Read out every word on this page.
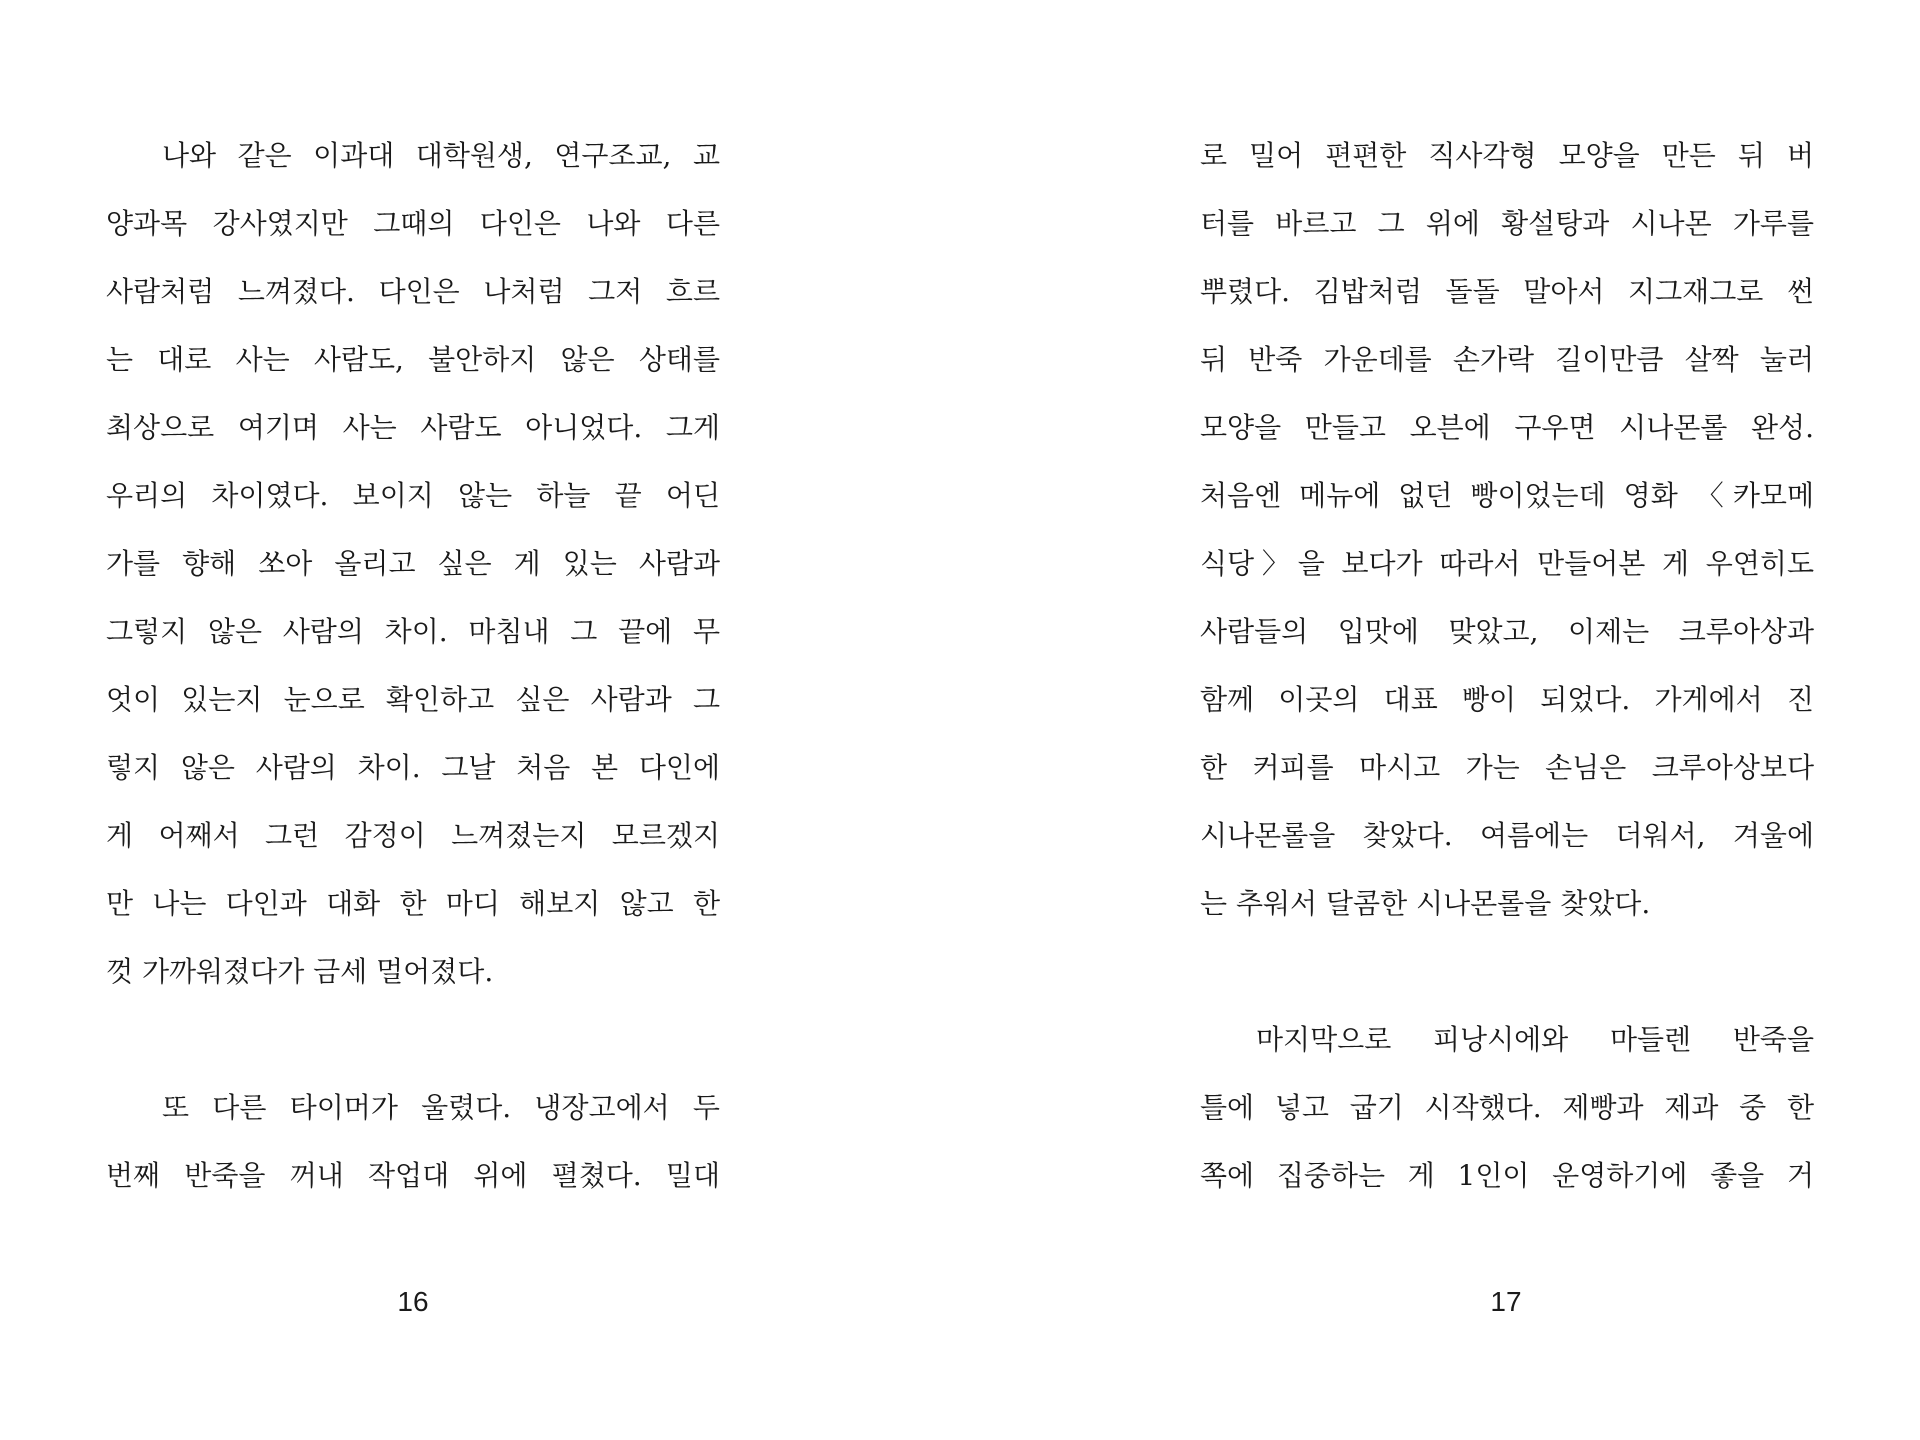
나와 같은 이과대 대학원생, 연구조교, 교
양과목 강사였지만 그때의 다인은 나와 다른
사람처럼 느껴졌다. 다인은 나처럼 그저 흐르
는 대로 사는 사람도, 불안하지 않은 상태를
최상으로 여기며 사는 사람도 아니었다. 그게
우리의 차이였다. 보이지 않는 하늘 끝 어딘
가를 향해 쏘아 올리고 싶은 게 있는 사람과
그렇지 않은 사람의 차이. 마침내 그 끝에 무
엇이 있는지 눈으로 확인하고 싶은 사람과 그
렇지 않은 사람의 차이. 그날 처음 본 다인에
게 어째서 그런 감정이 느껴졌는지 모르겠지
만 나는 다인과 대화 한 마디 해보지 않고 한
껏 가까워졌다가 금세 멀어졌다.
또 다른 타이머가 울렸다. 냉장고에서 두
번째 반죽을 꺼내 작업대 위에 펼쳤다. 밀대
로 밀어 편편한 직사각형 모양을 만든 뒤 버
터를 바르고 그 위에 황설탕과 시나몬 가루를
뿌렸다. 김밥처럼 돌돌 말아서 지그재그로 썬
뒤 반죽 가운데를 손가락 길이만큼 살짝 눌러
모양을 만들고 오븐에 구우면 시나몬롤 완성.
처음엔 메뉴에 없던 빵이었는데 영화 〈카모메
식당〉을 보다가 따라서 만들어본 게 우연히도
사람들의 입맛에 맞았고, 이제는 크루아상과
함께 이곳의 대표 빵이 되었다. 가게에서 진
한 커피를 마시고 가는 손님은 크루아상보다
시나몬롤을 찾았다. 여름에는 더워서, 겨울에
는 추워서 달콤한 시나몬롤을 찾았다.
마지막으로 피낭시에와 마들렌 반죽을
틀에 넣고 굽기 시작했다. 제빵과 제과 중 한
쪽에 집중하는 게 1인이 운영하기에 좋을 거
16	17
